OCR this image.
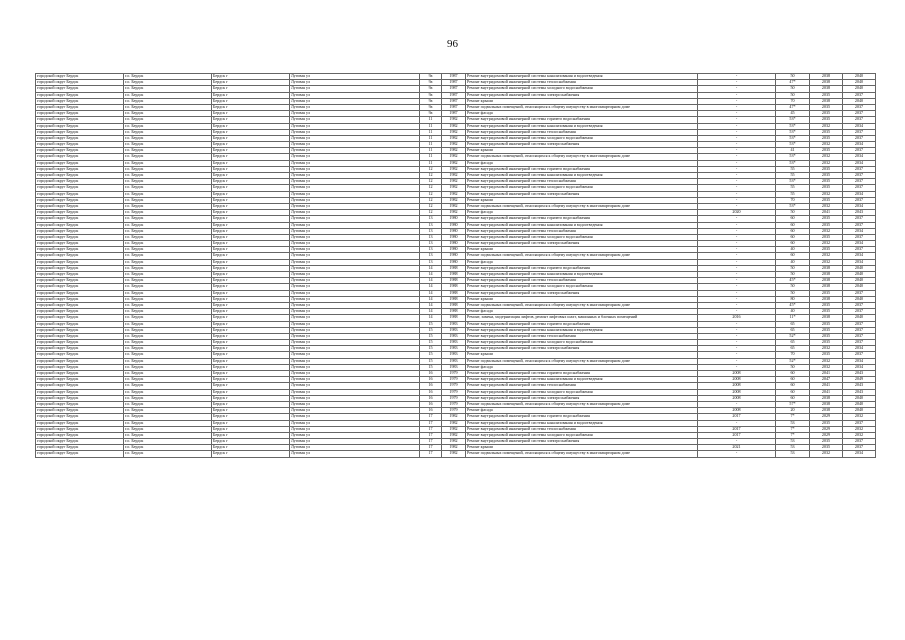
96
городской округ Бердск	г.о. Бердск	Бердск г	Луговая ул	9а	1987	Ремонт внутридомовой инженерной системы канализования и водоотведения	-	50	2038	2040
городской округ Бердск	г.о. Бердск	Бердск г	Луговая ул	9а	1987	Ремонт внутридомовой инженерной системы теплоснабжения	-	47*	2038	2040
городской округ Бердск	г.о. Бердск	Бердск г	Луговая ул	9а	1987	Ремонт внутридомовой инженерной системы холодного водоснабжения	-	50	2038	2040
городской округ Бердск	г.о. Бердск	Бердск г	Луговая ул	9а	1987	Ремонт внутридомовой инженерной системы электроснабжения	-	50	2035	2037
городской округ Бердск	г.о. Бердск	Бердск г	Луговая ул	9а	1987	Ремонт крыши	-	70	2038	2040
городской округ Бердск	г.о. Бердск	Бердск г	Луговая ул	9а	1987	Ремонт подвальных помещений, относящихся к общему имуществу в многоквартирном доме	-	47*	2035	2037
городской округ Бердск	г.о. Бердск	Бердск г	Луговая ул	9а	1987	Ремонт фасада	-	45	2035	2037
городской округ Бердск	г.о. Бердск	Бердск г	Луговая ул	11	1982	Ремонт внутридомовой инженерной системы горячего водоснабжения	-	53*	2035	2037
городской округ Бердск	г.о. Бердск	Бердск г	Луговая ул	11	1982	Ремонт внутридомовой инженерной системы канализования и водоотведения	-	53*	2032	2034
городской округ Бердск	г.о. Бердск	Бердск г	Луговая ул	11	1982	Ремонт внутридомовой инженерной системы теплоснабжения	-	53*	2035	2037
городской округ Бердск	г.о. Бердск	Бердск г	Луговая ул	11	1982	Ремонт внутридомовой инженерной системы холодного водоснабжения	-	53*	2035	2037
городской округ Бердск	г.о. Бердск	Бердск г	Луговая ул	11	1982	Ремонт внутридомовой инженерной системы электроснабжения	-	53*	2032	2034
городской округ Бердск	г.о. Бердск	Бердск г	Луговая ул	11	1982	Ремонт крыши	-	41	2035	2037
городской округ Бердск	г.о. Бердск	Бердск г	Луговая ул	11	1982	Ремонт подвальных помещений, относящихся к общему имуществу в многоквартирном доме	-	53*	2032	2034
городской округ Бердск	г.о. Бердск	Бердск г	Луговая ул	11	1982	Ремонт фасада	-	53*	2032	2034
городской округ Бердск	г.о. Бердск	Бердск г	Луговая ул	12	1982	Ремонт внутридомовой инженерной системы горячего водоснабжения	-	55	2035	2037
городской округ Бердск	г.о. Бердск	Бердск г	Луговая ул	12	1982	Ремонт внутридомовой инженерной системы канализования и водоотведения	-	55	2035	2037
городской округ Бердск	г.о. Бердск	Бердск г	Луговая ул	12	1982	Ремонт внутридомовой инженерной системы теплоснабжения	-	53*	2035	2037
городской округ Бердск	г.о. Бердск	Бердск г	Луговая ул	12	1982	Ремонт внутридомовой инженерной системы холодного водоснабжения	-	55	2035	2037
городской округ Бердск	г.о. Бердск	Бердск г	Луговая ул	12	1982	Ремонт внутридомовой инженерной системы электроснабжения	-	55	2032	2034
городской округ Бердск	г.о. Бердск	Бердск г	Луговая ул	12	1982	Ремонт крыши	-	70	2035	2037
городской округ Бердск	г.о. Бердск	Бердск г	Луговая ул	12	1982	Ремонт подвальных помещений, относящихся к общему имуществу в многоквартирном доме	-	53*	2032	2034
городской округ Бердск	г.о. Бердск	Бердск г	Луговая ул	12	1982	Ремонт фасада	2020	50	2041	2043
городской округ Бердск	г.о. Бердск	Бердск г	Луговая ул	13	1980	Ремонт внутридомовой инженерной системы горячего водоснабжения	-	60	2035	2037
городской округ Бердск	г.о. Бердск	Бердск г	Луговая ул	13	1980	Ремонт внутридомовой инженерной системы канализования и водоотведения	-	60	2035	2037
городской округ Бердск	г.о. Бердск	Бердск г	Луговая ул	13	1980	Ремонт внутридомовой инженерной системы теплоснабжения	-	60	2032	2034
городской округ Бердск	г.о. Бердск	Бердск г	Луговая ул	13	1980	Ремонт внутридомовой инженерной системы холодного водоснабжения	-	60	2035	2037
городской округ Бердск	г.о. Бердск	Бердск г	Луговая ул	13	1980	Ремонт внутридомовой инженерной системы электроснабжения	-	60	2032	2034
городской округ Бердск	г.о. Бердск	Бердск г	Луговая ул	13	1980	Ремонт крыши	-	40	2035	2037
городской округ Бердск	г.о. Бердск	Бердск г	Луговая ул	13	1980	Ремонт подвальных помещений, относящихся к общему имуществу в многоквартирном доме	-	60	2032	2034
городской округ Бердск	г.о. Бердск	Бердск г	Луговая ул	13	1980	Ремонт фасада	-	40	2032	2034
городской округ Бердск	г.о. Бердск	Бердск г	Луговая ул	14	1988	Ремонт внутридомовой инженерной системы горячего водоснабжения	-	50	2038	2040
городской округ Бердск	г.о. Бердск	Бердск г	Луговая ул	14	1988	Ремонт внутридомовой инженерной системы канализования и водоотведения	-	50	2038	2040
городской округ Бердск	г.о. Бердск	Бердск г	Луговая ул	14	1988	Ремонт внутридомовой инженерной системы теплоснабжения	-	45*	2038	2040
городской округ Бердск	г.о. Бердск	Бердск г	Луговая ул	14	1988	Ремонт внутридомовой инженерной системы холодного водоснабжения	-	50	2038	2040
городской округ Бердск	г.о. Бердск	Бердск г	Луговая ул	14	1988	Ремонт внутридомовой инженерной системы электроснабжения	-	50	2035	2037
городской округ Бердск	г.о. Бердск	Бердск г	Луговая ул	14	1988	Ремонт крыши	-	80	2038	2040
городской округ Бердск	г.о. Бердск	Бердск г	Луговая ул	14	1988	Ремонт подвальных помещений, относящихся к общему имуществу в многоквартирном доме	-	45*	2035	2037
городской округ Бердск	г.о. Бердск	Бердск г	Луговая ул	14	1988	Ремонт фасада	-	40	2035	2037
городской округ Бердск	г.о. Бердск	Бердск г	Луговая ул	14	1988	Ремонт, замена, модернизация лифтов, ремонт лифтовых шахт, машинных и блочных помещений	2016	11*	2038	2040
городской округ Бердск	г.о. Бердск	Бердск г	Луговая ул	15	1983	Ремонт внутридомовой инженерной системы горячего водоснабжения	-	65	2035	2037
городской округ Бердск	г.о. Бердск	Бердск г	Луговая ул	15	1983	Ремонт внутридомовой инженерной системы канализования и водоотведения	-	65	2035	2037
городской округ Бердск	г.о. Бердск	Бердск г	Луговая ул	15	1983	Ремонт внутридомовой инженерной системы теплоснабжения	-	52*	2035	2037
городской округ Бердск	г.о. Бердск	Бердск г	Луговая ул	15	1983	Ремонт внутридомовой инженерной системы холодного водоснабжения	-	65	2035	2037
городской округ Бердск	г.о. Бердск	Бердск г	Луговая ул	15	1983	Ремонт внутридомовой инженерной системы электроснабжения	-	65	2032	2034
городской округ Бердск	г.о. Бердск	Бердск г	Луговая ул	15	1983	Ремонт крыши	-	70	2035	2037
городской округ Бердск	г.о. Бердск	Бердск г	Луговая ул	15	1983	Ремонт подвальных помещений, относящихся к общему имуществу в многоквартирном доме	-	52*	2032	2034
городской округ Бердск	г.о. Бердск	Бердск г	Луговая ул	15	1983	Ремонт фасада	-	50	2032	2034
городской округ Бердск	г.о. Бердск	Бердск г	Луговая ул	16	1979	Ремонт внутридомовой инженерной системы горячего водоснабжения	2008	60	2041	2043
городской округ Бердск	г.о. Бердск	Бердск г	Луговая ул	16	1979	Ремонт внутридомовой инженерной системы канализования и водоотведения	2008	60	2047	2049
городской округ Бердск	г.о. Бердск	Бердск г	Луговая ул	16	1979	Ремонт внутридомовой инженерной системы теплоснабжения	2008	60	2041	2043
городской округ Бердск	г.о. Бердск	Бердск г	Луговая ул	16	1979	Ремонт внутридомовой инженерной системы холодного водоснабжения	2008	60	2041	2043
городской округ Бердск	г.о. Бердск	Бердск г	Луговая ул	16	1979	Ремонт внутридомовой инженерной системы электроснабжения	2008	60	2038	2040
городской округ Бердск	г.о. Бердск	Бердск г	Луговая ул	16	1979	Ремонт подвальных помещений, относящихся к общему имуществу в многоквартирном доме	-	57*	2038	2040
городской округ Бердск	г.о. Бердск	Бердск г	Луговая ул	16	1979	Ремонт фасада	2008	20	2038	2040
городской округ Бердск	г.о. Бердск	Бердск г	Луговая ул	17	1982	Ремонт внутридомовой инженерной системы горячего водоснабжения	2017	7*	2029	2032
городской округ Бердск	г.о. Бердск	Бердск г	Луговая ул	17	1982	Ремонт внутридомовой инженерной системы канализования и водоотведения	-	53	2035	2037
городской округ Бердск	г.о. Бердск	Бердск г	Луговая ул	17	1982	Ремонт внутридомовой инженерной системы теплоснабжения	2017	7*	2029	2032
городской округ Бердск	г.о. Бердск	Бердск г	Луговая ул	17	1982	Ремонт внутридомовой инженерной системы холодного водоснабжения	2017	7*	2029	2032
городской округ Бердск	г.о. Бердск	Бердск г	Луговая ул	17	1982	Ремонт внутридомовой инженерной системы электроснабжения	-	53	2035	2037
городской округ Бердск	г.о. Бердск	Бердск г	Луговая ул	17	1982	Ремонт крыши	2021	53	2035	2037
городской округ Бердск	г.о. Бердск	Бердск г	Луговая ул	17	1982	Ремонт подвальных помещений, относящихся к общему имуществу в многоквартирном доме	-	53	2032	2034
